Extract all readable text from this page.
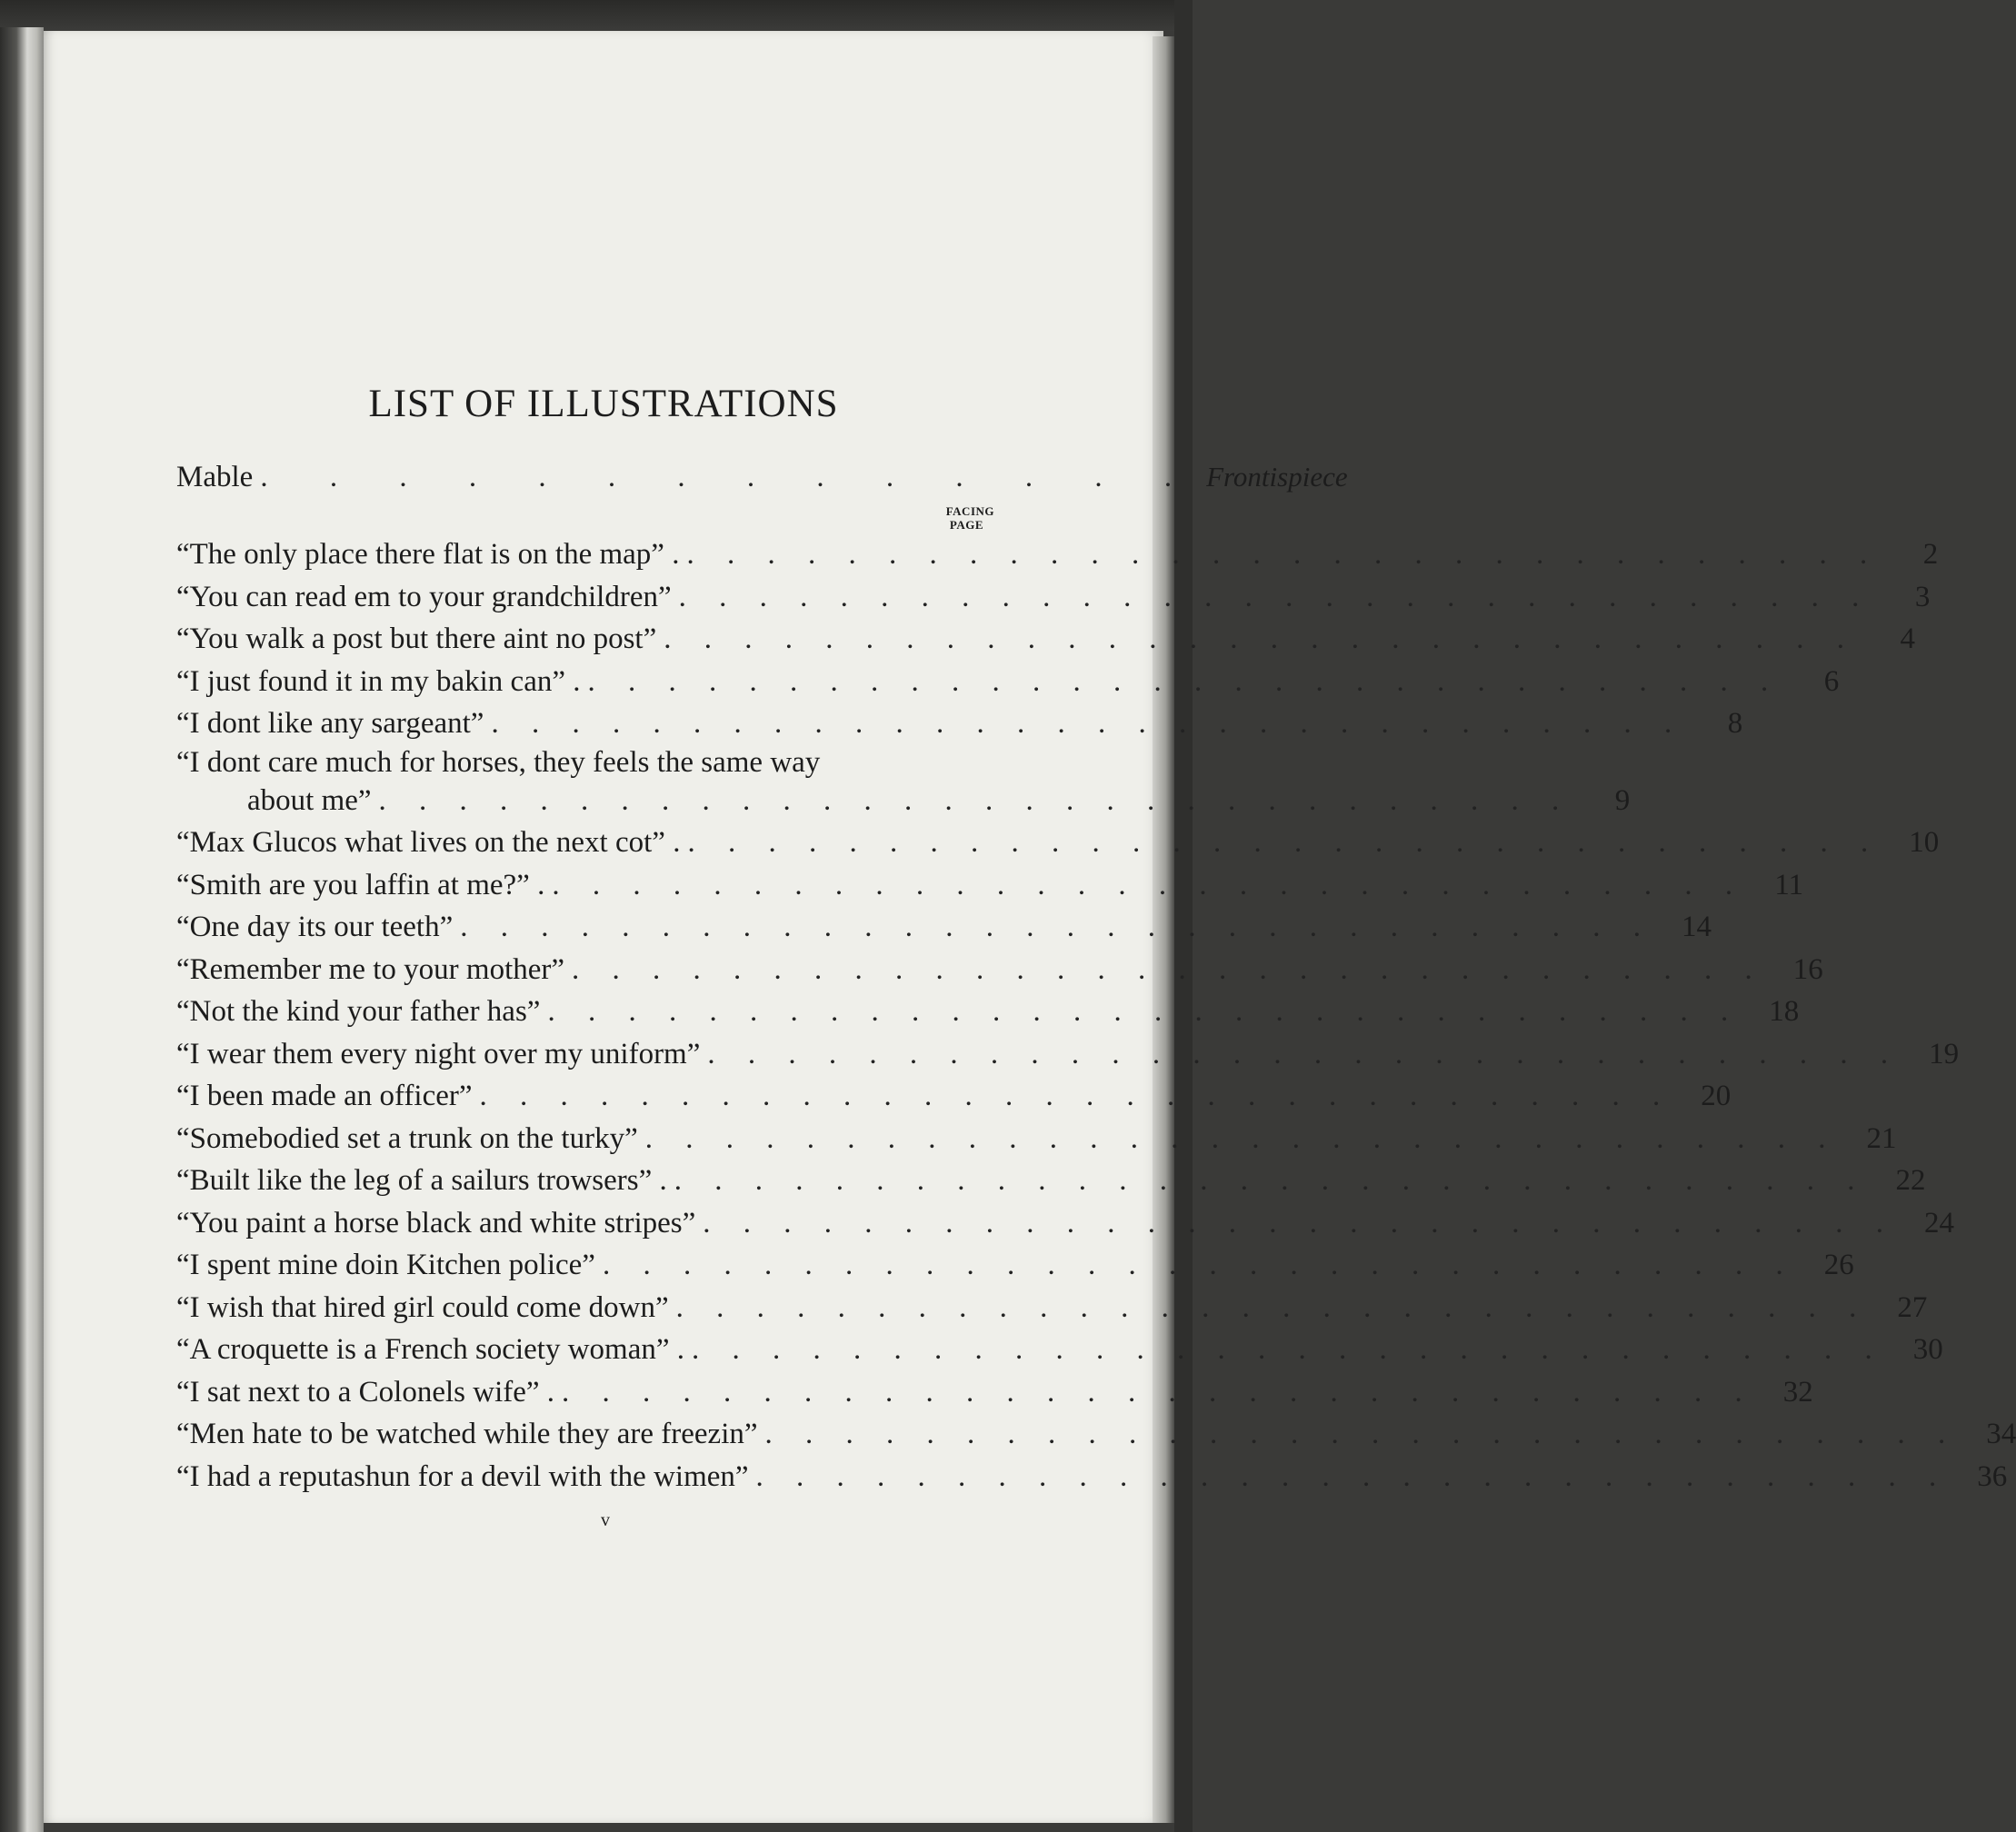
LIST OF ILLUSTRATIONS
Mable . . . . . . . . . . . . . . Frontispiece
FACING
PAGE
“The only place there flat is on the map” . . . . . . . . . . . . . . . . . . . . . . . . . . . . . . .	2
“You can read em to your grandchildren” . . . . . . . . . . . . . . . . . . . . . . . . . . . . . .	3
“You walk a post but there aint no post” . . . . . . . . . . . . . . . . . . . . . . . . . . . . . .	4
“I just found it in my bakin can” . . . . . . . . . . . . . . . . . . . . . . . . . . . . . . .	6
“I dont like any sargeant” . . . . . . . . . . . . . . . . . . . . . . . . . . . . . .	8
“I dont care much for horses, they feels the same way
about me” . . . . . . . . . . . . . . . . . . . . . . . . . . . . . .	9
“Max Glucos what lives on the next cot” . . . . . . . . . . . . . . . . . . . . . . . . . . . . . . . 10
“Smith are you laffin at me?” . . . . . . . . . . . . . . . . . . . . . . . . . . . . . . . 11
“One day its our teeth” . . . . . . . . . . . . . . . . . . . . . . . . . . . . . . 14
“Remember me to your mother” . . . . . . . . . . . . . . . . . . . . . . . . . . . . . . 16
“Not the kind your father has” . . . . . . . . . . . . . . . . . . . . . . . . . . . . . . 18
“I wear them every night over my uniform” . . . . . . . . . . . . . . . . . . . . . . . . . . . . . . 19
“I been made an officer” . . . . . . . . . . . . . . . . . . . . . . . . . . . . . . 20
“Somebodied set a trunk on the turky” . . . . . . . . . . . . . . . . . . . . . . . . . . . . . . 21
“Built like the leg of a sailurs trowsers” . . . . . . . . . . . . . . . . . . . . . . . . . . . . . . . 22
“You paint a horse black and white stripes” . . . . . . . . . . . . . . . . . . . . . . . . . . . . . . 24
“I spent mine doin Kitchen police” . . . . . . . . . . . . . . . . . . . . . . . . . . . . . . 26
“I wish that hired girl could come down” . . . . . . . . . . . . . . . . . . . . . . . . . . . . . . 27
“A croquette is a French society woman” . . . . . . . . . . . . . . . . . . . . . . . . . . . . . . . 30
“I sat next to a Colonels wife” . . . . . . . . . . . . . . . . . . . . . . . . . . . . . . . 32
“Men hate to be watched while they are freezin” . . . . . . . . . . . . . . . . . . . . . . . . . . . . . . 34
“I had a reputashun for a devil with the wimen” . . . . . . . . . . . . . . . . . . . . . . . . . . . . . . 36
v
